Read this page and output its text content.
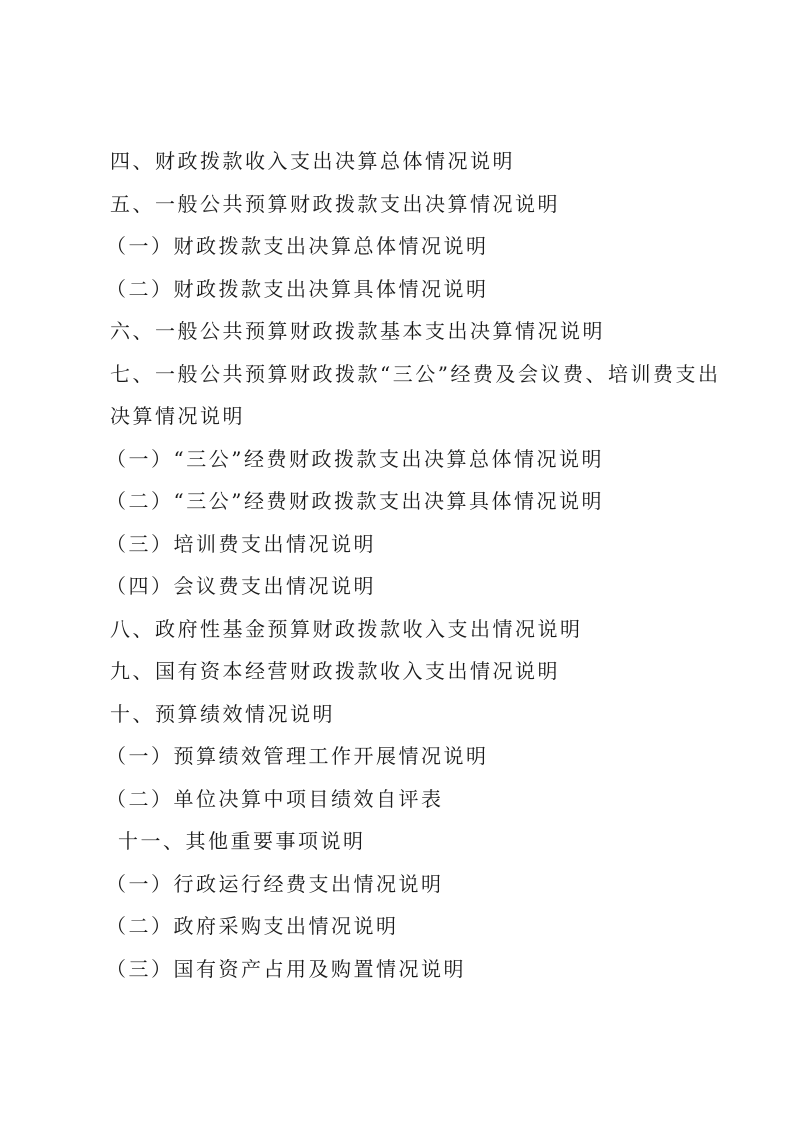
四、财政拨款收入支出决算总体情况说明
五、一般公共预算财政拨款支出决算情况说明
（一）财政拨款支出决算总体情况说明
（二）财政拨款支出决算具体情况说明
六、一般公共预算财政拨款基本支出决算情况说明
七、一般公共预算财政拨款“三公”经费及会议费、培训费支出
决算情况说明
（一）“三公”经费财政拨款支出决算总体情况说明
（二）“三公”经费财政拨款支出决算具体情况说明
（三）培训费支出情况说明
（四）会议费支出情况说明
八、政府性基金预算财政拨款收入支出情况说明
九、国有资本经营财政拨款收入支出情况说明
十、预算绩效情况说明
（一）预算绩效管理工作开展情况说明
（二）单位决算中项目绩效自评表
十一、其他重要事项说明
（一）行政运行经费支出情况说明
（二）政府采购支出情况说明
（三）国有资产占用及购置情况说明
